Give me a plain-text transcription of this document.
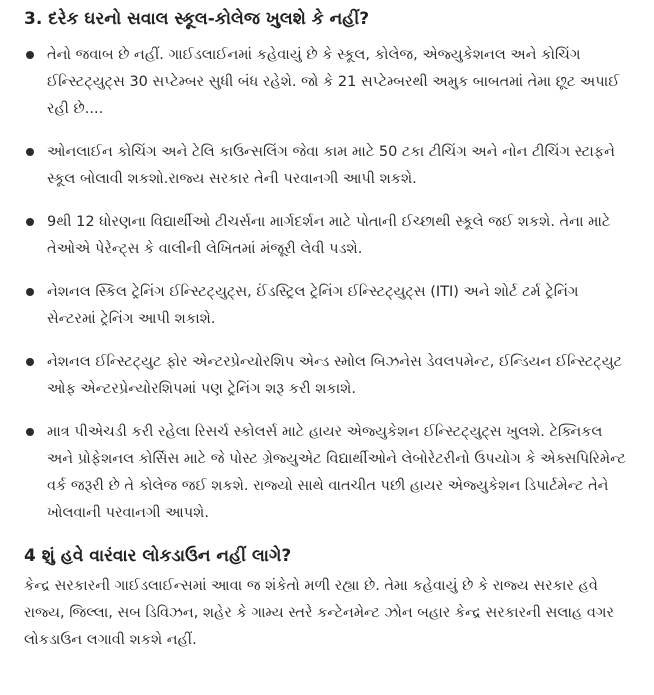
3. દરેક ઘરનો સવાલ સ્કૂલ-કોલેજ ખુલશે કે નહીં?
તેનો જવાબ છે નહીં. ગાઈડલાઈનમાં કહેવાયું છે કે સ્કૂલ, કોલેજ, એજ્યુકેશનલ અને કોચિંગ ઈન્સ્ટિટ્યુટ્સ 30 સપ્ટેમ્બર સુધી બંધ રહેશે. જો કે 21 સપ્ટેમ્બરથી અમુક બાબતમાં તેમા છૂટ અપાઈ રહી છે....
ઓનલાઈન કોચિંગ અને ટેલિ કાઉન્સલિંગ જેવા કામ માટે 50 ટકા ટીચિંગ અને નોન ટીચિંગ સ્ટાફને સ્કૂલ બોલાવી શકશો.રાજ્ય સરકાર તેની પરવાનગી આપી શકશે.
9થી 12 ધોરણના વિદ્યાર્થીઓ ટીચર્સના માર્ગદર્શન માટે પોતાની ઈચ્છાથી સ્કૂલે જઈ શકશે. તેના માટે તેઓએ પેરેન્ટ્સ કે વાલીની લેખિતમાં મંજૂરી લેવી પડશે.
નેશનલ સ્કિલ ટ્રેનિંગ ઈન્સ્ટિટ્યુટ્સ, ઈંડસ્ટ્રિલ ટ્રેનિંગ ઈન્સ્ટિટ્યુટ્સ (ITI) અને શોર્ટ ટર્મ ટ્રેનિંગ સેન્ટરમાં ટ્રેનિંગ આપી શકાશે.
નેશનલ ઈન્સ્ટિટ્યુટ ફોર એન્ટરપ્રેન્યોરશિપ એન્ડ સ્મોલ બિઝનેસ ડેવલપમેન્ટ, ઈન્ડિયન ઈન્સ્ટિટ્યુટ ઓફ એન્ટરપ્રેન્યોરશિપમાં પણ ટ્રેનિંગ શરૂ કરી શકાશે.
માત્ર પીએચડી કરી રહેલા રિસર્ચ સ્કોલર્સ માટે હાયર એજ્યુકેશન ઈન્સ્ટિટ્યુટ્સ ખુલશે. ટેક્નિકલ અને પ્રોફેશનલ કોર્સિસ માટે જે પોસ્ટ ગ્રેજ્યુએટ વિદ્યાર્થીઓને લેબોરેટરીનો ઉપયોગ કે એક્સપિરિમેન્ટ વર્ક જરૂરી છે તે કોલેજ જઈ શકશે. રાજ્યો સાથે વાતચીત પછી હાયર એજ્યુકેશન ડિપાર્ટમેન્ટ તેને ખોલવાની પરવાનગી આપશે.
4 શું હવે વારંવાર લોકડાઉન નહીં લાગે?

કેન્દ્ર સરકારની ગાઈડલાઈન્સમાં આવા જ શંકેતો મળી રહ્યા છે. તેમા કહેવાયું છે કે રાજ્ય સરકાર હવે રાજ્ય, જિલ્લા, સબ ડિવિઝન, શહેર કે ગામ્ય સ્તરે કન્ટેનમેન્ટ ઝોન બહાર કેન્દ્ર સરકારની સલાહ વગર લોકડાઉન લગાવી શકશે નહીં.
